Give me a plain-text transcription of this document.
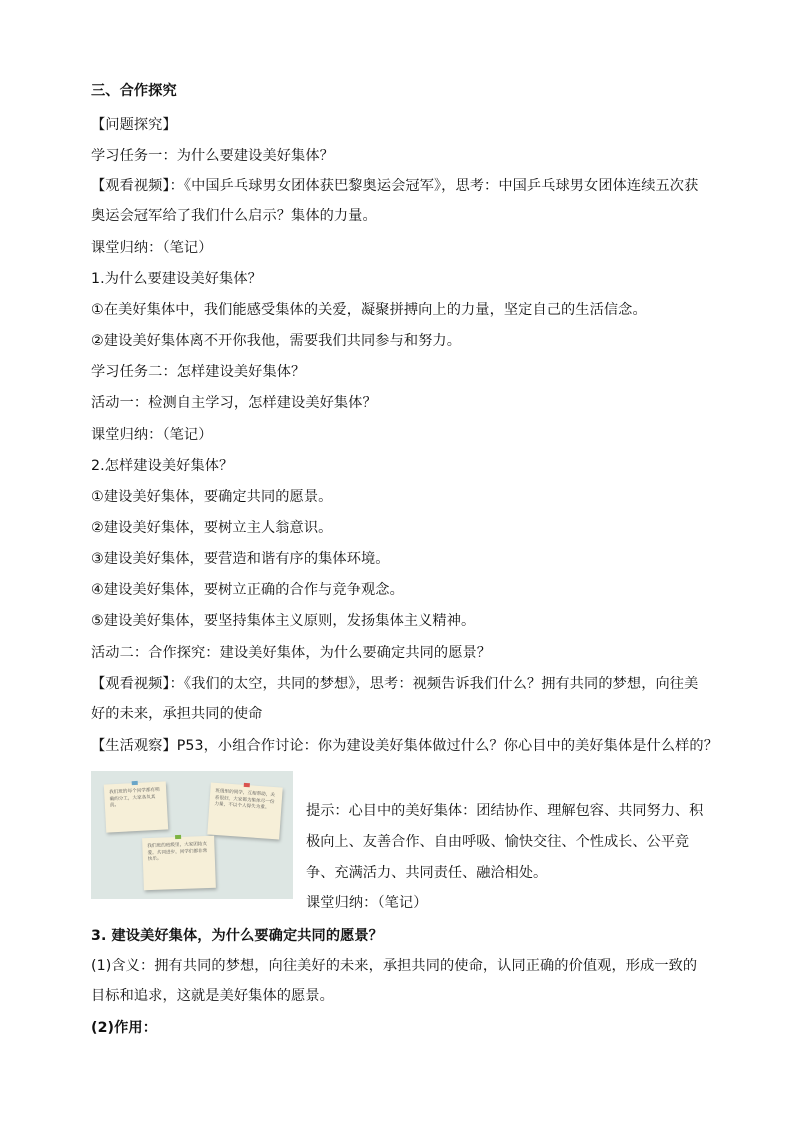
三、合作探究
【问题探究】
学习任务一：为什么要建设美好集体？
【观看视频】：《中国乒乓球男女团体获巴黎奥运会冠军》，思考：中国乒乓球男女团体连续五次获奥运会冠军给了我们什么启示？集体的力量。
课堂归纳：（笔记）
1.为什么要建设美好集体？
①在美好集体中，我们能感受集体的关爱，凝聚拼搏向上的力量，坚定自己的生活信念。
②建设美好集体离不开你我他，需要我们共同参与和努力。
学习任务二：怎样建设美好集体？
活动一：检测自主学习，怎样建设美好集体？
课堂归纳：（笔记）
2.怎样建设美好集体？
①建设美好集体，要确定共同的愿景。
②建设美好集体，要树立主人翁意识。
③建设美好集体，要营造和谐有序的集体环境。
④建设美好集体，要树立正确的合作与竞争观念。
⑤建设美好集体，要坚持集体主义原则，发扬集体主义精神。
活动二：合作探究：建设美好集体，为什么要确定共同的愿景？
【观看视频】：《我们的太空，共同的梦想》，思考：视频告诉我们什么？拥有共同的梦想，向往美好的未来，承担共同的使命
【生活观察】P53，小组合作讨论：你为建设美好集体做过什么？你心目中的美好集体是什么样的？
我们班的每个同学都有明确的分工，大家各负其责。
班级里的同学，互相帮助，关系很好。大家都为集体尽一份力量，不以个人得失为重。
我们班的班级里，大家团结友爱，共同进步，同学们都非常快乐。
提示：心目中的美好集体：团结协作、理解包容、共同努力、积极向上、友善合作、自由呼吸、愉快交往、个性成长、公平竞争、充满活力、共同责任、融洽相处。
课堂归纳：（笔记）
3. 建设美好集体，为什么要确定共同的愿景？
(1)含义：拥有共同的梦想，向往美好的未来，承担共同的使命，认同正确的价值观，形成一致的目标和追求，这就是美好集体的愿景。
(2)作用：
